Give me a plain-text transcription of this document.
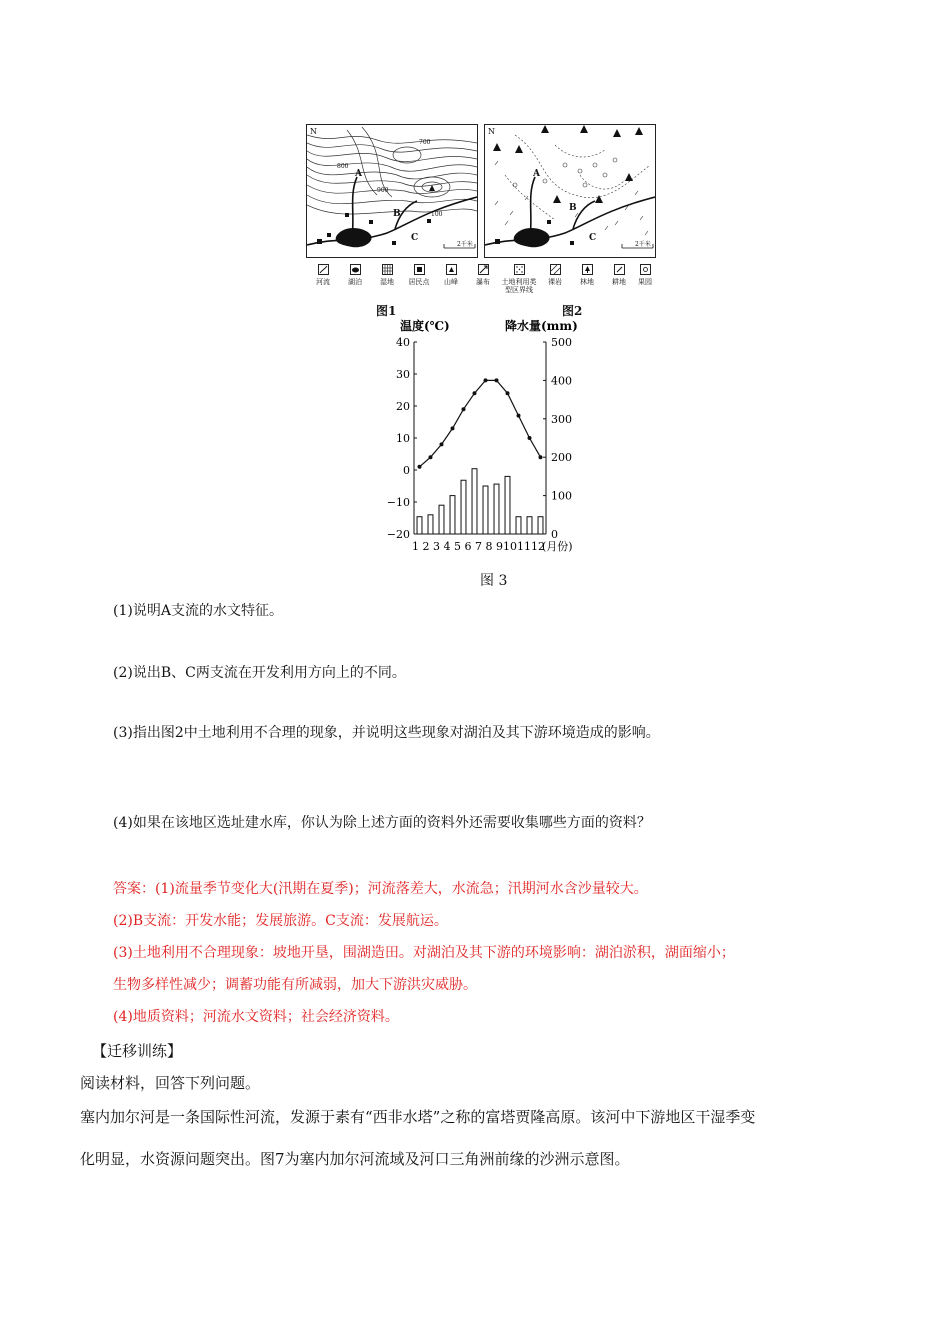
N
A
B
C
700
800
900
100
2千米
N
A
B
C
2千米
河流	湖泊	湿地	居民点	山峰	瀑布	土地利用类型区界线
裸岩	林地	耕地	果园
图1	图2
温度(℃)	降水量(mm)
40
30
20
10
0
−10
−20
500
400
300
200
100
0
1 2 3 4 5 6 7 8 9101112
(月份)
图 3
(1)说明A支流的水文特征。
(2)说出B、C两支流在开发利用方向上的不同。
(3)指出图2中土地利用不合理的现象，并说明这些现象对湖泊及其下游环境造成的影响。
(4)如果在该地区选址建水库，你认为除上述方面的资料外还需要收集哪些方面的资料？
答案：(1)流量季节变化大(汛期在夏季)；河流落差大，水流急；汛期河水含沙量较大。
(2)B支流：开发水能；发展旅游。C支流：发展航运。
(3)土地利用不合理现象：坡地开垦，围湖造田。对湖泊及其下游的环境影响：湖泊淤积，湖面缩小；
生物多样性减少；调蓄功能有所减弱，加大下游洪灾威胁。
(4)地质资料；河流水文资料；社会经济资料。
【迁移训练】
阅读材料，回答下列问题。
塞内加尔河是一条国际性河流，发源于素有“西非水塔”之称的富塔贾隆高原。该河中下游地区干湿季变
化明显，水资源问题突出。图7为塞内加尔河流域及河口三角洲前缘的沙洲示意图。
